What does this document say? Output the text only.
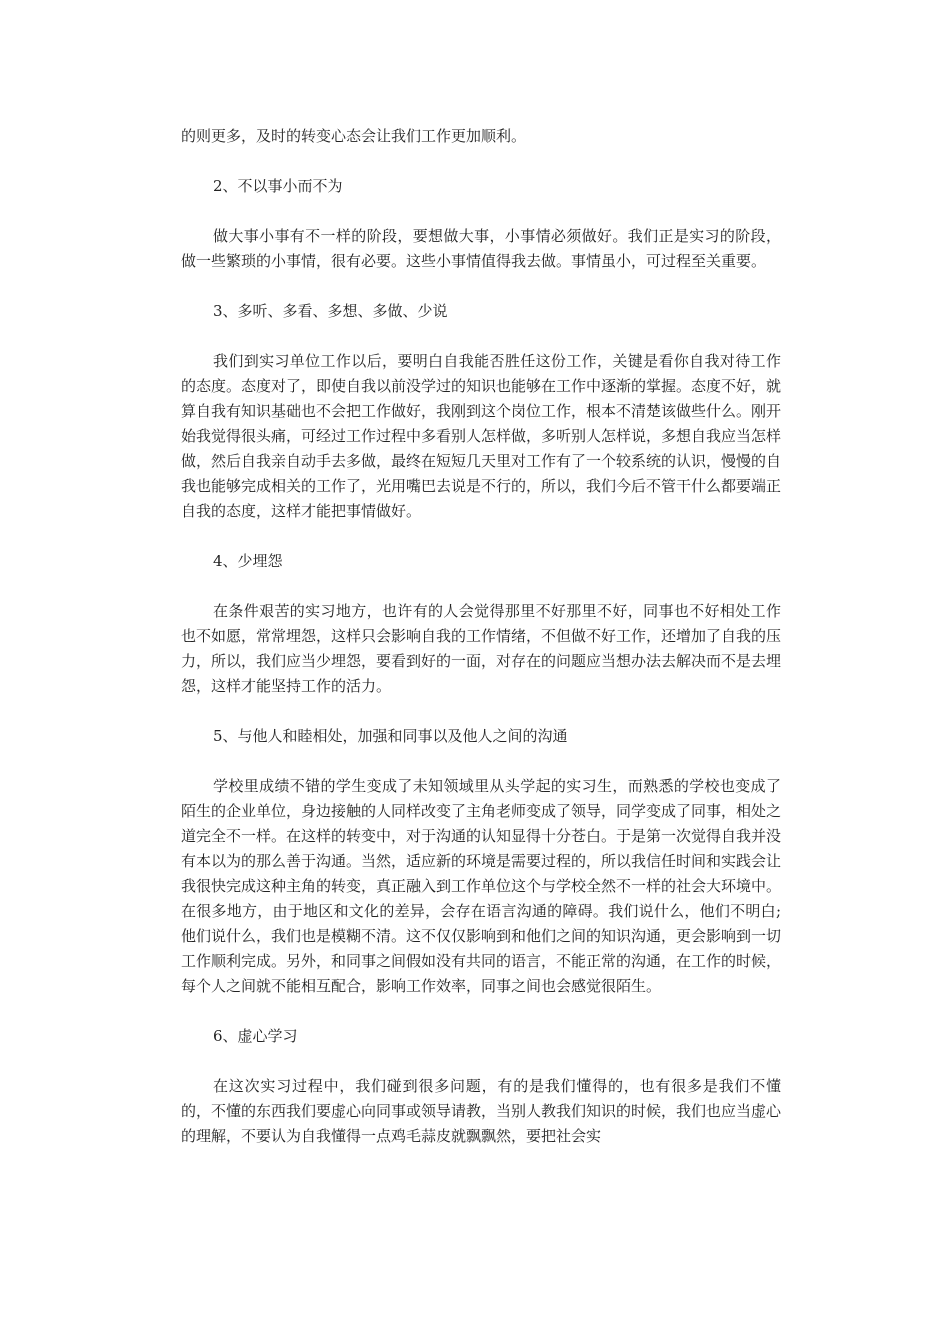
的则更多，及时的转变心态会让我们工作更加顺利。

2、不以事小而不为

做大事小事有不一样的阶段，要想做大事，小事情必须做好。我们正是实习的阶段，做一些繁琐的小事情，很有必要。这些小事情值得我去做。事情虽小，可过程至关重要。

3、多听、多看、多想、多做、少说

我们到实习单位工作以后，要明白自我能否胜任这份工作，关键是看你自我对待工作的态度。态度对了，即使自我以前没学过的知识也能够在工作中逐渐的掌握。态度不好，就算自我有知识基础也不会把工作做好，我刚到这个岗位工作，根本不清楚该做些什么。刚开始我觉得很头痛，可经过工作过程中多看别人怎样做，多听别人怎样说，多想自我应当怎样做，然后自我亲自动手去多做，最终在短短几天里对工作有了一个较系统的认识，慢慢的自我也能够完成相关的工作了，光用嘴巴去说是不行的，所以，我们今后不管干什么都要端正自我的态度，这样才能把事情做好。

4、少埋怨

在条件艰苦的实习地方，也许有的人会觉得那里不好那里不好，同事也不好相处工作也不如愿，常常埋怨，这样只会影响自我的工作情绪，不但做不好工作，还增加了自我的压力，所以，我们应当少埋怨，要看到好的一面，对存在的问题应当想办法去解决而不是去埋怨，这样才能坚持工作的活力。

5、与他人和睦相处，加强和同事以及他人之间的沟通

学校里成绩不错的学生变成了未知领域里从头学起的实习生，而熟悉的学校也变成了陌生的企业单位，身边接触的人同样改变了主角老师变成了领导，同学变成了同事，相处之道完全不一样。在这样的转变中，对于沟通的认知显得十分苍白。于是第一次觉得自我并没有本以为的那么善于沟通。当然，适应新的环境是需要过程的，所以我信任时间和实践会让我很快完成这种主角的转变，真正融入到工作单位这个与学校全然不一样的社会大环境中。在很多地方，由于地区和文化的差异，会存在语言沟通的障碍。我们说什么，他们不明白;他们说什么，我们也是模糊不清。这不仅仅影响到和他们之间的知识沟通，更会影响到一切工作顺利完成。另外，和同事之间假如没有共同的语言，不能正常的沟通，在工作的时候，每个人之间就不能相互配合，影响工作效率，同事之间也会感觉很陌生。

6、虚心学习

在这次实习过程中，我们碰到很多问题，有的是我们懂得的，也有很多是我们不懂的，不懂的东西我们要虚心向同事或领导请教，当别人教我们知识的时候，我们也应当虚心的理解，不要认为自我懂得一点鸡毛蒜皮就飘飘然，要把社会实
